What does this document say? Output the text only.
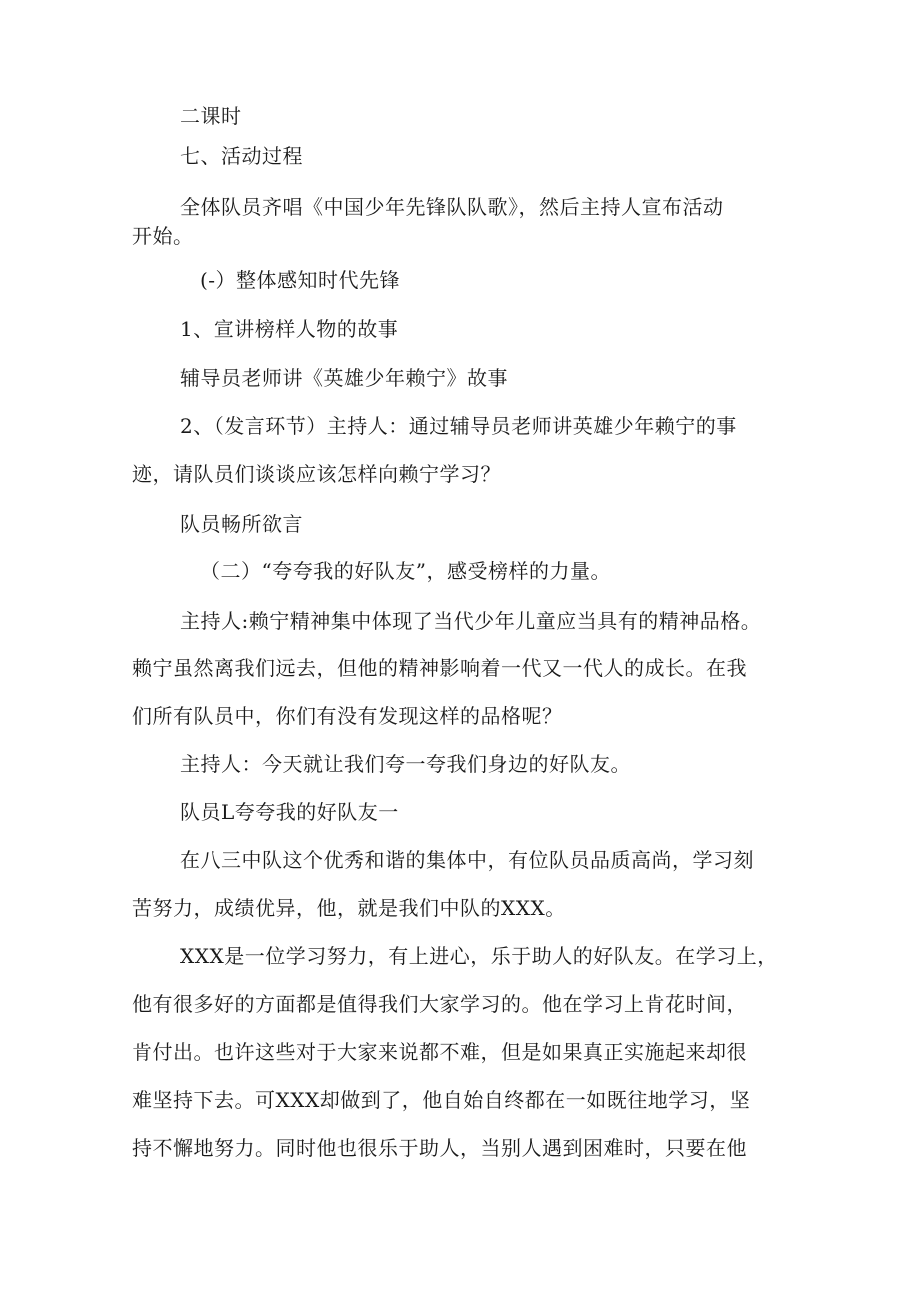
二课时

七、活动过程

全体队员齐唱《中国少年先锋队队歌》，然后主持人宣布活动

开始。

(-）整体感知时代先锋

1、宣讲榜样人物的故事

辅导员老师讲《英雄少年赖宁》故事

2、（发言环节）主持人：通过辅导员老师讲英雄少年赖宁的事

迹，请队员们谈谈应该怎样向赖宁学习？

队员畅所欲言

（二）“夸夸我的好队友”，感受榜样的力量。

主持人:赖宁精神集中体现了当代少年儿童应当具有的精神品格。

赖宁虽然离我们远去，但他的精神影响着一代又一代人的成长。在我

们所有队员中，你们有没有发现这样的品格呢？

主持人：今天就让我们夸一夸我们身边的好队友。

队员L夸夸我的好队友一

在八三中队这个优秀和谐的集体中，有位队员品质高尚，学习刻

苦努力，成绩优异，他，就是我们中队的XXX。

XXX是一位学习努力，有上进心，乐于助人的好队友。在学习上，

他有很多好的方面都是值得我们大家学习的。他在学习上肯花时间，

肯付出。也许这些对于大家来说都不难，但是如果真正实施起来却很

难坚持下去。可XXX却做到了，他自始自终都在一如既往地学习，坚

持不懈地努力。同时他也很乐于助人，当别人遇到困难时，只要在他
